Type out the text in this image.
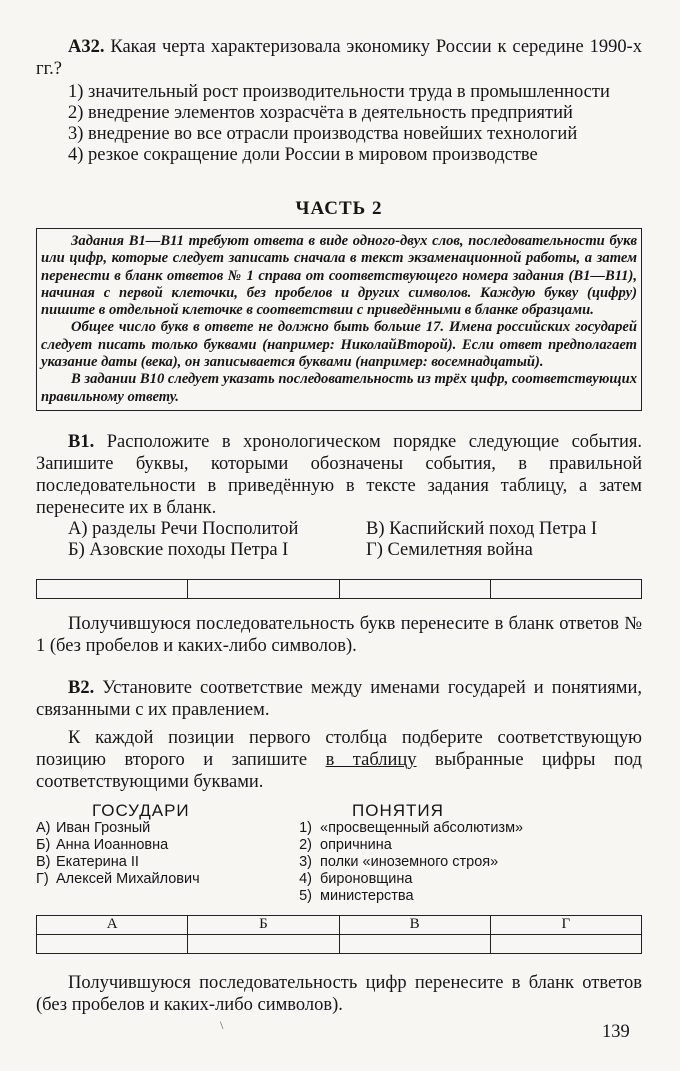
А32. Какая черта характеризовала экономику России к середине 1990-х гг.?

1) значительный рост производительности труда в промышленности
2) внедрение элементов хозрасчёта в деятельность предприятий
3) внедрение во все отрасли производства новейших технологий
4) резкое сокращение доли России в мировом производстве
ЧАСТЬ 2

Задания В1—В11 требуют ответа в виде одного-двух слов, последовательности букв или цифр, которые следует записать сначала в текст экзаменационной работы, а затем перенести в бланк ответов № 1 справа от соответствующего номера задания (В1—В11), начиная с первой клеточки, без пробелов и других символов. Каждую букву (цифру) пишите в отдельной клеточке в соответствии с приведёнными в бланке образцами.

Общее число букв в ответе не должно быть больше 17. Имена российских государей следует писать только буквами (например: НиколайВторой). Если ответ предполагает указание даты (века), он записывается буквами (например: восемнадцатый).

В задании В10 следует указать последовательность из трёх цифр, соответствующих правильному ответу.

В1. Расположите в хронологическом порядке следующие события. Запишите буквы, которыми обозначены события, в правильной последовательности в приведённую в тексте задания таблицу, а затем перенесите их в бланк.

А) разделы Речи Посполитой	В) Каспийский поход Петра I
Б) Азовские походы Петра I	Г) Семилетняя война

Получившуюся последовательность букв перенесите в бланк ответов № 1 (без пробелов и каких-либо символов).

В2. Установите соответствие между именами государей и понятиями, связанными с их правлением.

К каждой позиции первого столбца подберите соответствующую позицию второго и запишите в таблицу выбранные цифры под соответствующими буквами.

ГОСУДАРИ
А) Иван Грозный
Б) Анна Иоанновна
В) Екатерина II
Г) Алексей Михайлович
ПОНЯТИЯ
1) «просвещенный абсолютизм»
2) опричнина
3) полки «иноземного строя»
4) бироновщина
5) министерства
А	Б	В	Г

Получившуюся последовательность цифр перенесите в бланк ответов (без пробелов и каких-либо символов).

\	139
